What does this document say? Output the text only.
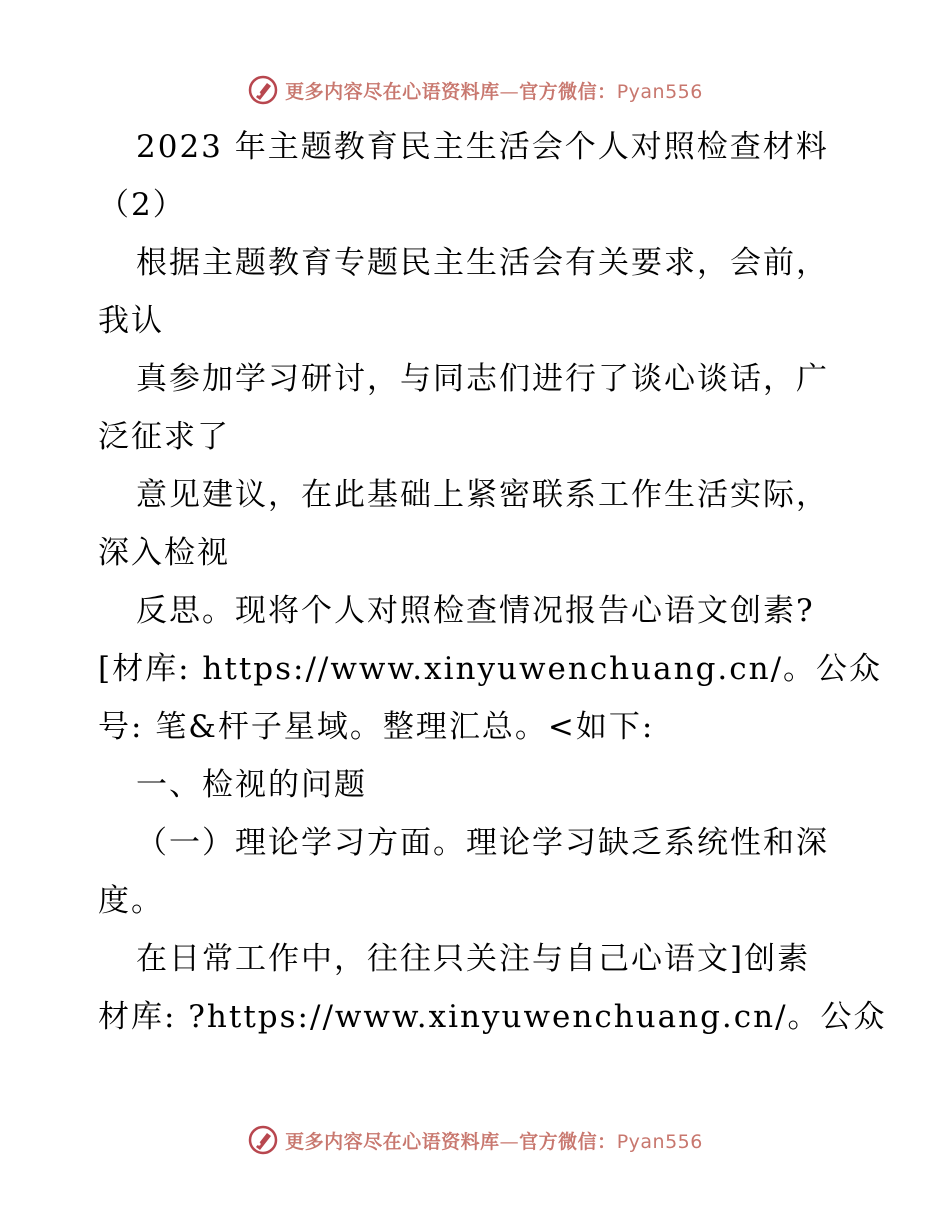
更多内容尽在心语资料库—官方微信：Pyan556
2023 年主题教育民主生活会个人对照检查材料
（2）
根据主题教育专题民主生活会有关要求，会前，
我认
真参加学习研讨，与同志们进行了谈心谈话，广
泛征求了
意见建议，在此基础上紧密联系工作生活实际，
深入检视
反思。现将个人对照检查情况报告心语文创素?
[材库: https://www.xinyuwenchuang.cn/。公众
号: 笔&杆子星域。整理汇总。<如下:
一、检视的问题
（一）理论学习方面。理论学习缺乏系统性和深
度。
在日常工作中，往往只关注与自己心语文]创素
材库: ?https://www.xinyuwenchuang.cn/。公众
更多内容尽在心语资料库—官方微信：Pyan556
